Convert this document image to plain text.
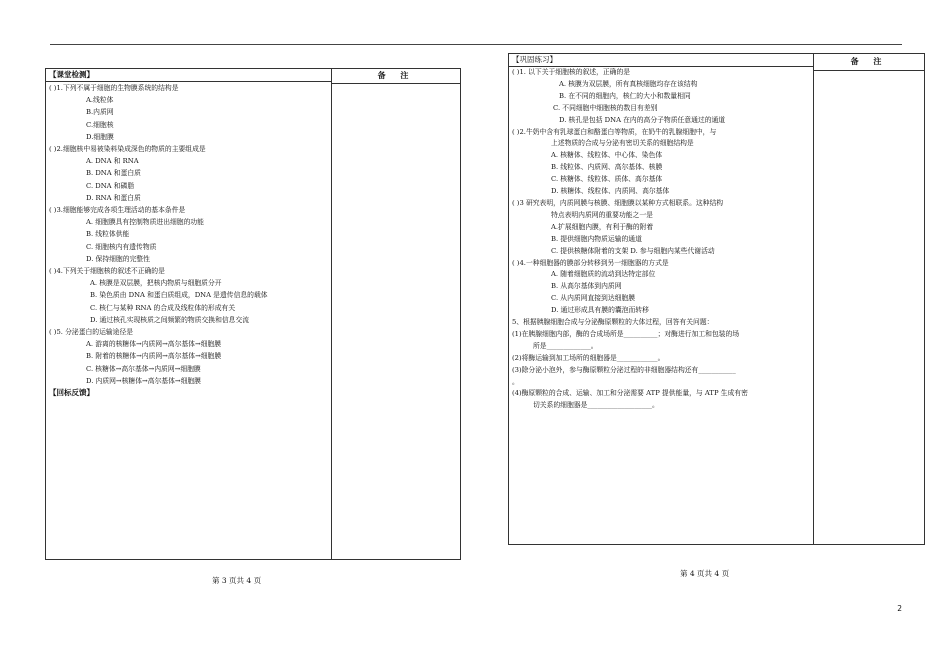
【课堂检测】
( )1.下列不属于细胞的生物膜系统的结构是
A.线粒体
B.内质网
C.细胞核
D.细胞膜
( )2.细胞核中易被染料染成深色的物质的主要组成是
A. DNA 和 RNA
B. DNA 和蛋白质
C. DNA 和磷脂
D. RNA 和蛋白质
( )3.细胞能够完成各项生理活动的基本条件是
A. 细胞膜具有控制物质进出细胞的功能
B. 线粒体供能
C. 细胞核内有遗传物质
D. 保持细胞的完整性
( )4.下列关于细胞核的叙述不正确的是
A. 核膜是双层膜，把核内物质与细胞质分开
B. 染色质由 DNA 和蛋白质组成，DNA 是遗传信息的载体
C. 核仁与某种 RNA 的合成及线粒体的形成有关
D. 通过核孔实现核质之间频繁的物质交换和信息交流
( )5. 分泌蛋白的运输途径是
A. 游离的核糖体→内质网→高尔基体→细胞膜
B. 附着的核糖体→内质网→高尔基体→细胞膜
C. 核糖体→高尔基体→内质网→细胞膜
D. 内质网→核糖体→高尔基体→细胞膜
【回标反馈】
备 注
第 3 页共 4 页
【巩固练习】
( )1. 以下关于细胞核的叙述，正确的是
A. 核膜为双层膜，所有真核细胞均存在该结构
B. 在不同的细胞内，核仁的大小和数量相同
C. 不同细胞中细胞核的数目有差别
D. 核孔是包括 DNA 在内的高分子物质任意通过的通道
( )2.牛奶中含有乳球蛋白和酪蛋白等物质，在奶牛的乳腺细胞中，与
上述物质的合成与分泌有密切关系的细胞结构是
A. 核糖体、线粒体、中心体、染色体
B. 线粒体、内质网、高尔基体、核膜
C. 核糖体、线粒体、质体、高尔基体
D. 核糖体、线粒体、内质网、高尔基体
( )3 研究表明，内质网膜与核膜、细胞膜以某种方式相联系。这种结构
特点表明内质网的重要功能之一是
A.扩展细胞内膜，有利于酶的附着
B. 提供细胞内物质运输的通道
C. 提供核糖体附着的支架 D. 参与细胞内某些代谢活动
( )4.一种细胞器的膜部分转移到另一细胞器的方式是
A. 随着细胞质的流动到达特定部位
B. 从高尔基体到内质网
C. 从内质网直接到达细胞膜
D. 通过形成具有膜的囊泡而转移
5、根据胰腺细胞合成与分泌酶原颗粒的大体过程，回答有关问题：
(1)在胰腺细胞内部，酶的合成场所是__________；对酶进行加工和包装的场
所是_____________。
(2)将酶运输到加工场所的细胞器是____________。
(3)除分泌小泡外，参与酶原颗粒分泌过程的非细胞器结构还有___________
。
(4)酶原颗粒的合成、运输、加工和分泌需要 ATP 提供能量，与 ATP 生成有密
切关系的细胞器是___________________。
备 注
第 4 页共 4 页
2
